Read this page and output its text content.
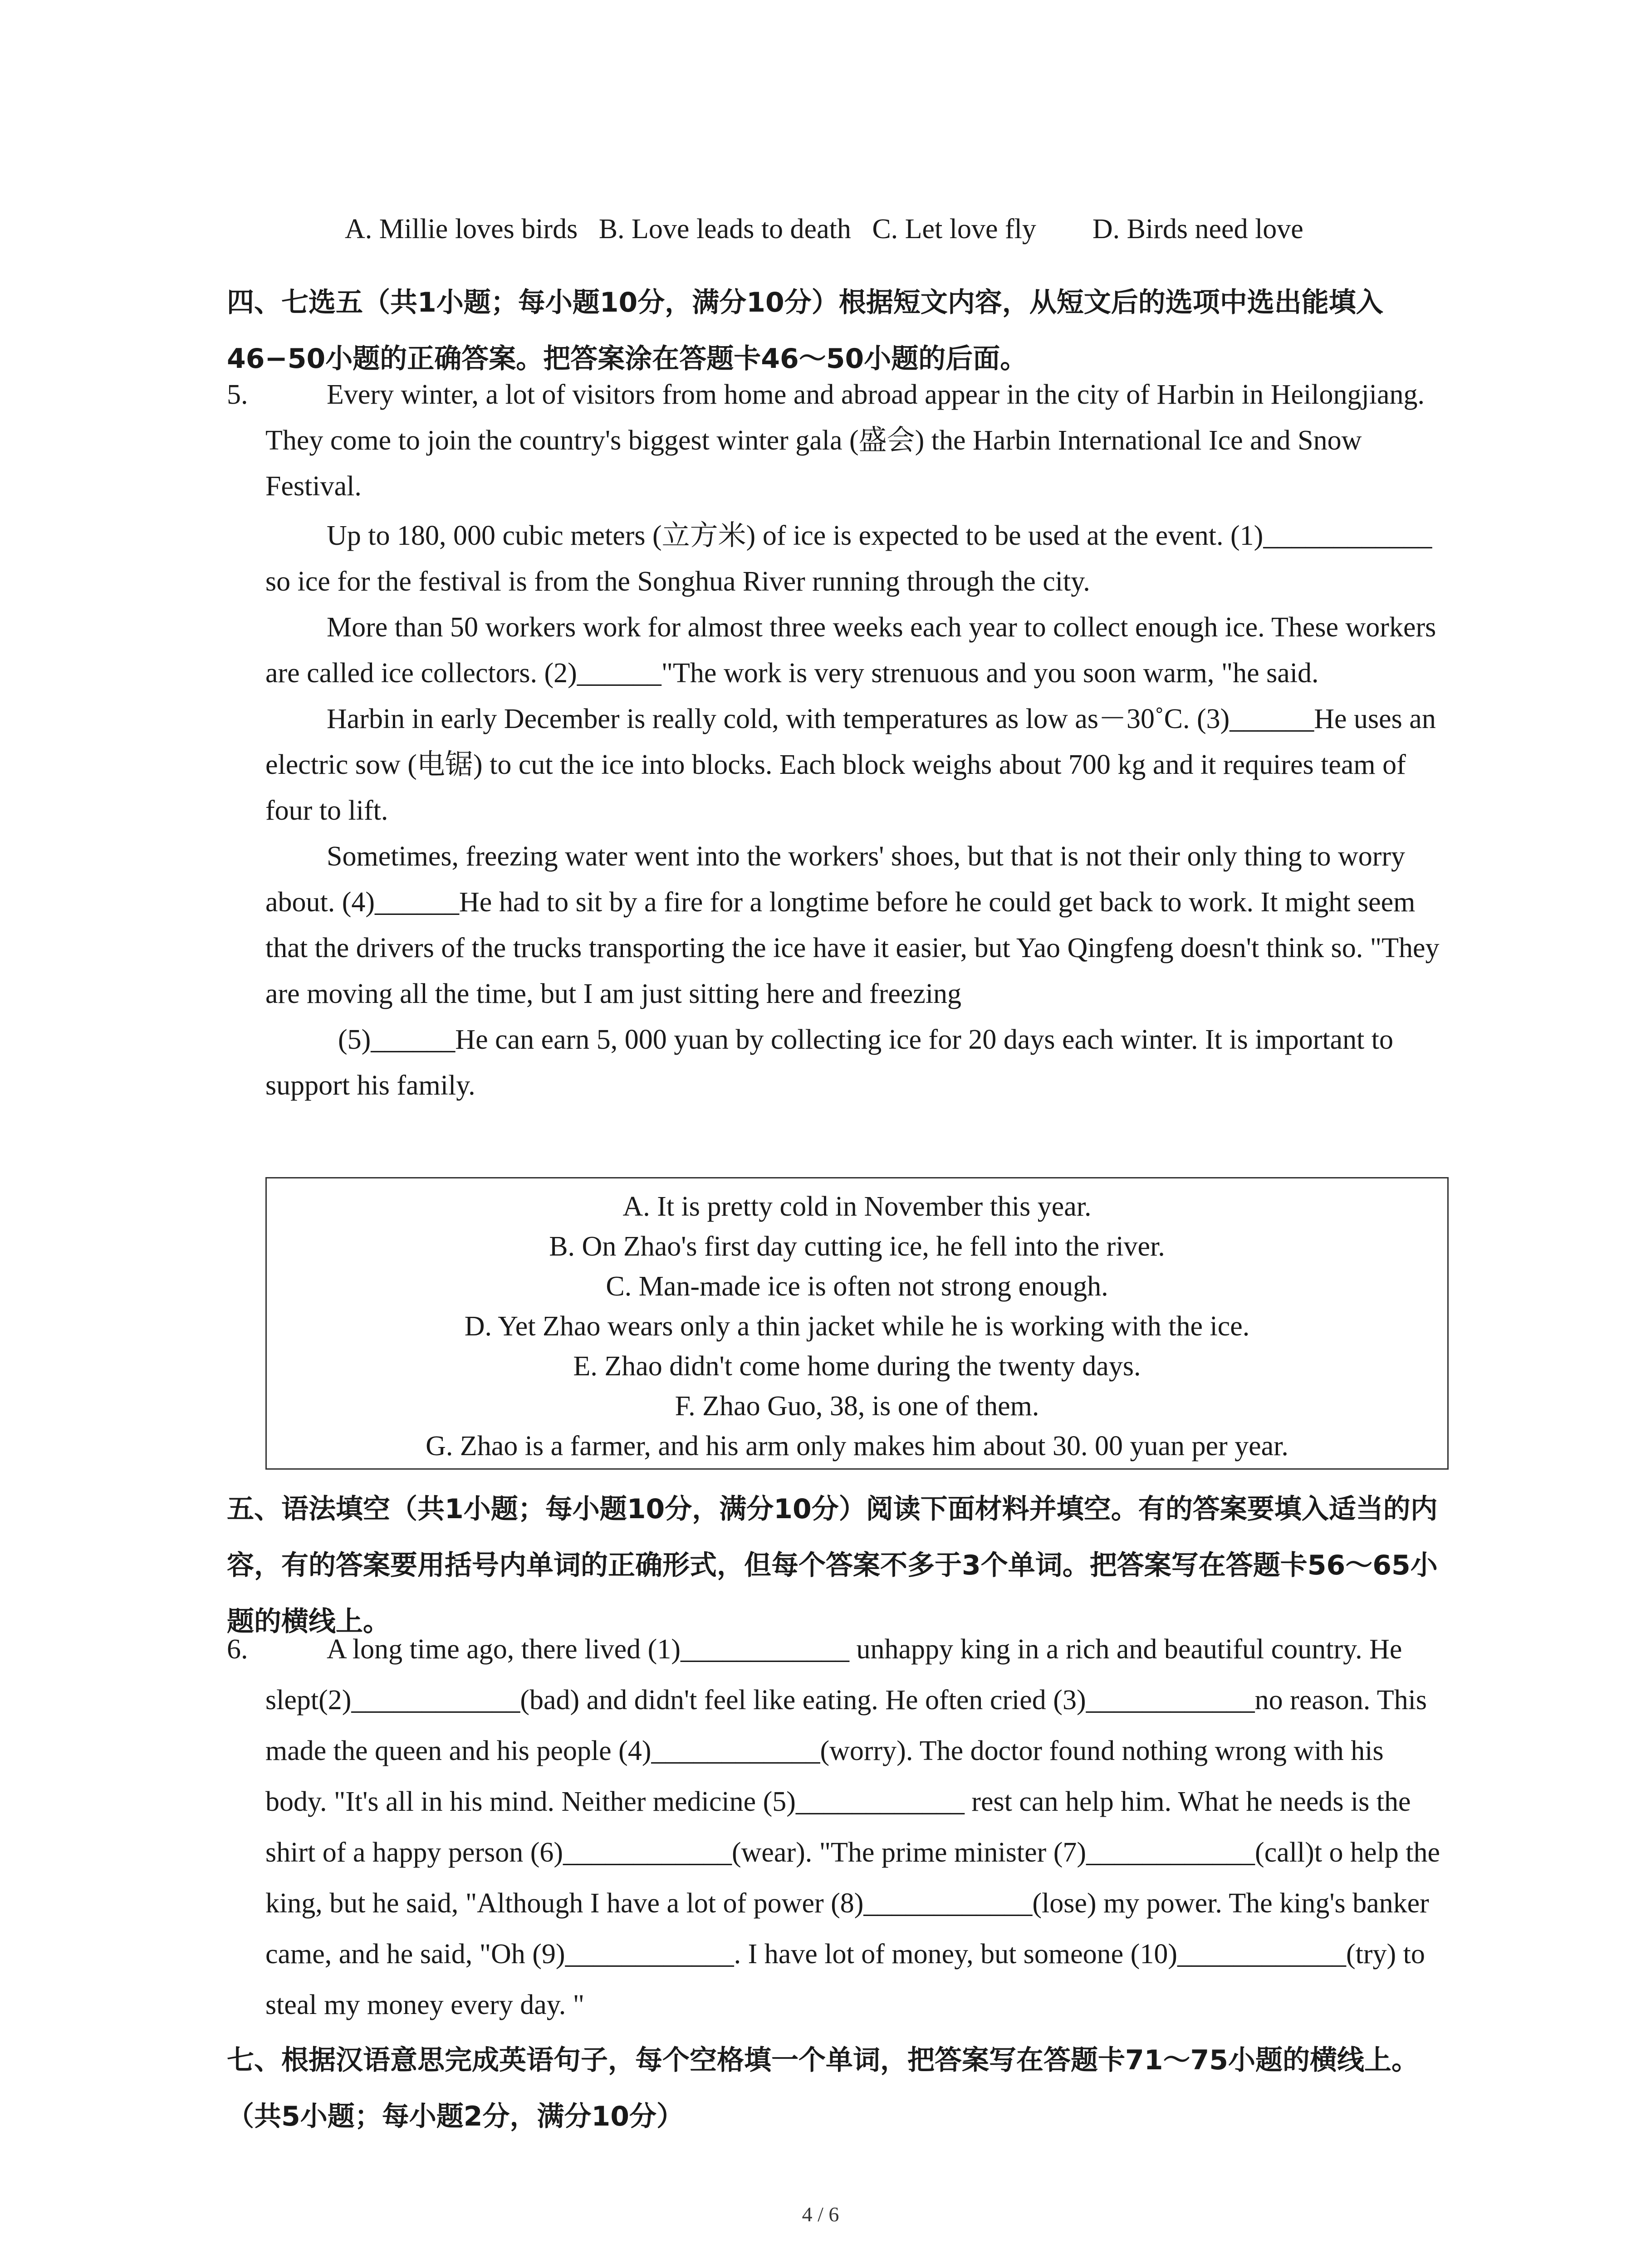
A. Millie loves birds   B. Love leads to death   C. Let love fly        D. Birds need love
四、七选五（共1小题；每小题10分，满分10分）根据短文内容，从短文后的选项中选出能填入46−50小题的正确答案。把答案涂在答题卡46～50小题的后面。
5.	Every winter, a lot of visitors from home and abroad appear in the city of Harbin in Heilongjiang. They come to join the country's biggest winter gala (盛会) the Harbin International Ice and Snow Festival.

Up to 180, 000 cubic meters (立方米) of ice is expected to be used at the event. (1)____________ so ice for the festival is from the Songhua River running through the city.

More than 50 workers work for almost three weeks each year to collect enough ice. These workers are called ice collectors. (2)______"The work is very strenuous and you soon warm, "he said.

Harbin in early December is really cold, with temperatures as low as－30˚C. (3)______He uses an electric sow (电锯) to cut the ice into blocks. Each block weighs about 700 kg and it requires team of four to lift.

Sometimes, freezing water went into the workers' shoes, but that is not their only thing to worry about. (4)______He had to sit by a fire for a longtime before he could get back to work. It might seem that the drivers of the trucks transporting the ice have it easier, but Yao Qingfeng doesn't think so. "They are moving all the time, but I am just sitting here and freezing

(5)______He can earn 5, 000 yuan by collecting ice for 20 days each winter. It is important to support his family.

A. It is pretty cold in November this year.
B. On Zhao's first day cutting ice, he fell into the river.
C. Man-made ice is often not strong enough.
D. Yet Zhao wears only a thin jacket while he is working with the ice.
E. Zhao didn't come home during the twenty days.
F. Zhao Guo, 38, is one of them.
G. Zhao is a farmer, and his arm only makes him about 30. 00 yuan per year.
五、语法填空（共1小题；每小题10分，满分10分）阅读下面材料并填空。有的答案要填入适当的内容，有的答案要用括号内单词的正确形式，但每个答案不多于3个单词。把答案写在答题卡56～65小题的横线上。
6.	A long time ago, there lived (1)____________ unhappy king in a rich and beautiful country. He slept(2)____________(bad) and didn't feel like eating. He often cried (3)____________no reason. This made the queen and his people (4)____________(worry). The doctor found nothing wrong with his body. "It's all in his mind. Neither medicine (5)____________ rest can help him. What he needs is the shirt of a happy person (6)____________(wear). "The prime minister (7)____________(call)t o help the king, but he said, "Although I have a lot of power (8)____________(lose) my power. The king's banker came, and he said, "Oh (9)____________. I have lot of money, but someone (10)____________(try) to steal my money every day. "

七、根据汉语意思完成英语句子，每个空格填一个单词，把答案写在答题卡71～75小题的横线上。（共5小题；每小题2分，满分10分）
4 / 6
